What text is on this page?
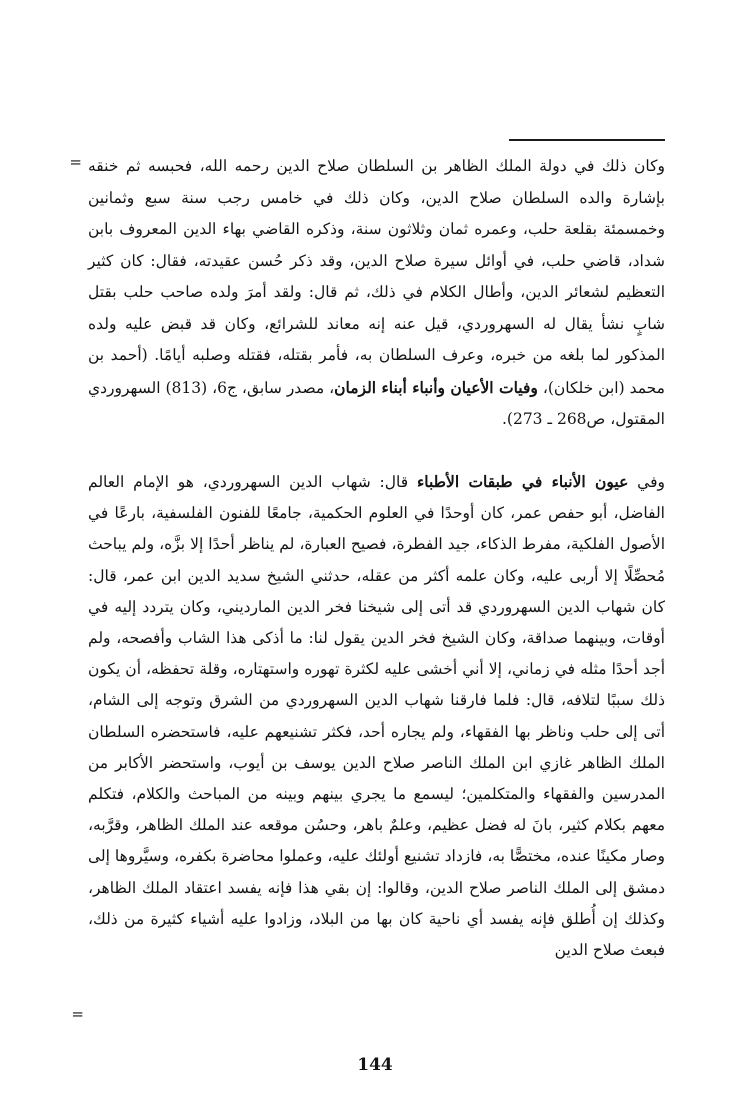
= وكان ذلك في دولة الملك الظاهر بن السلطان صلاح الدين رحمه الله، فحبسه ثم خنقه بإشارة والده السلطان صلاح الدين، وكان ذلك في خامس رجب سنة سبع وثمانين وخمسمئة بقلعة حلب، وعمره ثمان وثلاثون سنة، وذكره القاضي بهاء الدين المعروف بابن شداد، قاضي حلب، في أوائل سيرة صلاح الدين، وقد ذكر حُسن عقيدته، فقال: كان كثير التعظيم لشعائر الدين، وأطال الكلام في ذلك، ثم قال: ولقد أمرَ ولده صاحب حلب بقتل شابٍ نشأ يقال له السهروردي، قيل عنه إنه معاند للشرائع، وكان قد قبض عليه ولده المذكور لما بلغه من خبره، وعرف السلطان به، فأمر بقتله، فقتله وصلبه أيامًا. (أحمد بن محمد (ابن خلكان)، وفيات الأعيان وأنباء أبناء الزمان، مصدر سابق، ج6، (813) السهروردي المقتول، ص268 ـ 273).

وفي عيون الأنباء في طبقات الأطباء قال: شهاب الدين السهروردي، هو الإمام العالم الفاضل، أبو حفص عمر، كان أوحدًا في العلوم الحكمية، جامعًا للفنون الفلسفية، بارعًا في الأصول الفلكية، مفرط الذكاء، جيد الفطرة، فصيح العبارة، لم يناظر أحدًا إلا بزَّه، ولم يباحث مُحصِّلًا إلا أربى عليه، وكان علمه أكثر من عقله، حدثني الشيخ سديد الدين ابن عمر، قال: كان شهاب الدين السهروردي قد أتى إلى شيخنا فخر الدين المارديني، وكان يتردد إليه في أوقات، وبينهما صداقة، وكان الشيخ فخر الدين يقول لنا: ما أذكى هذا الشاب وأفصحه، ولم أجد أحدًا مثله في زماني، إلا أني أخشى عليه لكثرة تهوره واستهتاره، وقلة تحفظه، أن يكون ذلك سببًا لتلافه، قال: فلما فارقنا شهاب الدين السهروردي من الشرق وتوجه إلى الشام، أتى إلى حلب وناظر بها الفقهاء، ولم يجاره أحد، فكثر تشنيعهم عليه، فاستحضره السلطان الملك الظاهر غازي ابن الملك الناصر صلاح الدين يوسف بن أيوب، واستحضر الأكابر من المدرسين والفقهاء والمتكلمين؛ ليسمع ما يجري بينهم وبينه من المباحث والكلام، فتكلم معهم بكلام كثير، بانَ له فضل عظيم، وعلمٌ باهر، وحسُن موقعه عند الملك الظاهر، وقرَّبه، وصار مكينًا عنده، مختصًّا به، فازداد تشنيع أولئك عليه، وعملوا محاضرة بكفره، وسيَّروها إلى دمشق إلى الملك الناصر صلاح الدين، وقالوا: إن بقي هذا فإنه يفسد اعتقاد الملك الظاهر، وكذلك إن أُطلق فإنه يفسد أي ناحية كان بها من البلاد، وزادوا عليه أشياء كثيرة من ذلك، فبعث صلاح الدين

=
144
